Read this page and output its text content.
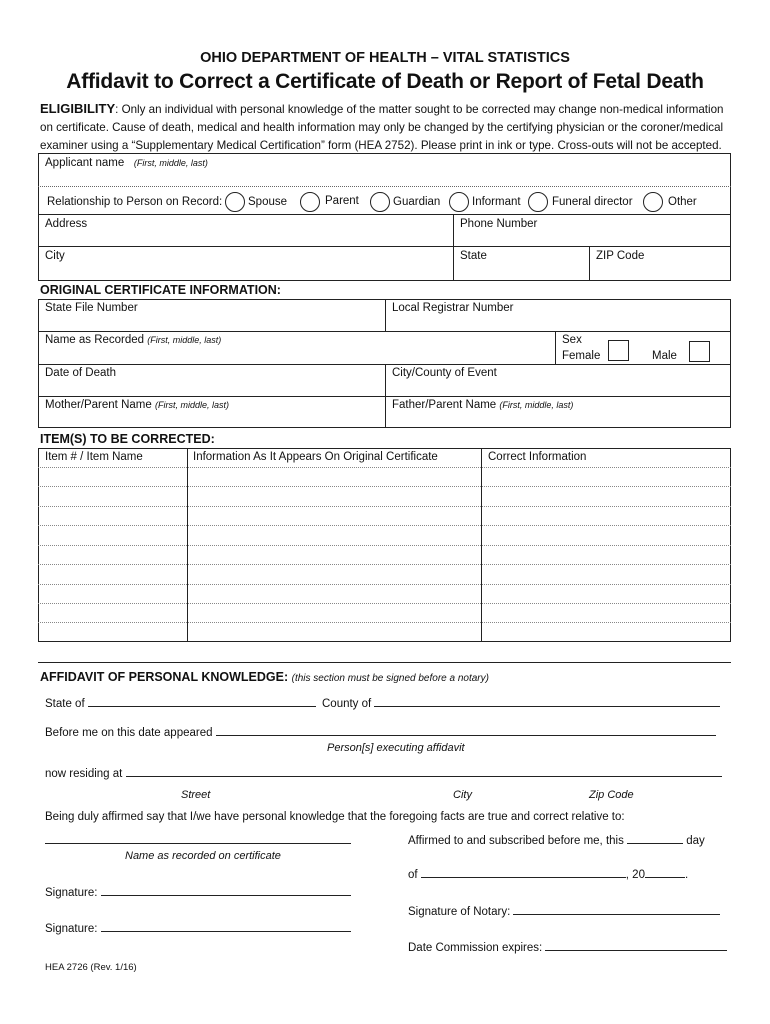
OHIO DEPARTMENT OF HEALTH – VITAL STATISTICS
Affidavit to Correct a Certificate of Death or Report of Fetal Death
ELIGIBILITY: Only an individual with personal knowledge of the matter sought to be corrected may change non-medical information on certificate. Cause of death, medical and health information may only be changed by the certifying physician or the coroner/medical examiner using a “Supplementary Medical Certification” form (HEA 2752). Please print in ink or type. Cross-outs will not be accepted.
Applicant name (First, middle, last)
Relationship to Person on Record: Spouse	Parent	Guardian	Informant	Funeral director	Other
Address	Phone Number
City	State	ZIP Code
ORIGINAL CERTIFICATE INFORMATION:
State File Number	Local Registrar Number
Name as Recorded (First, middle, last)	Sex
Female	Male
Date of Death	City/County of Event
Mother/Parent Name (First, middle, last)	Father/Parent Name (First, middle, last)
ITEM(S) TO BE CORRECTED:
Item # / Item Name	Information As It Appears On Original Certificate	Correct Information
AFFIDAVIT OF PERSONAL KNOWLEDGE: (this section must be signed before a notary)
State of	County of
Before me on this date appeared
Person[s] executing affidavit
now residing at
Street	City	Zip Code
Being duly affirmed say that I/we have personal knowledge that the foregoing facts are true and correct relative to:
Name as recorded on certificate
Affirmed to and subscribed before me, this	day
of	, 20	.
Signature:
Signature of Notary:
Signature:
Date Commission expires:
HEA 2726 (Rev. 1/16)
